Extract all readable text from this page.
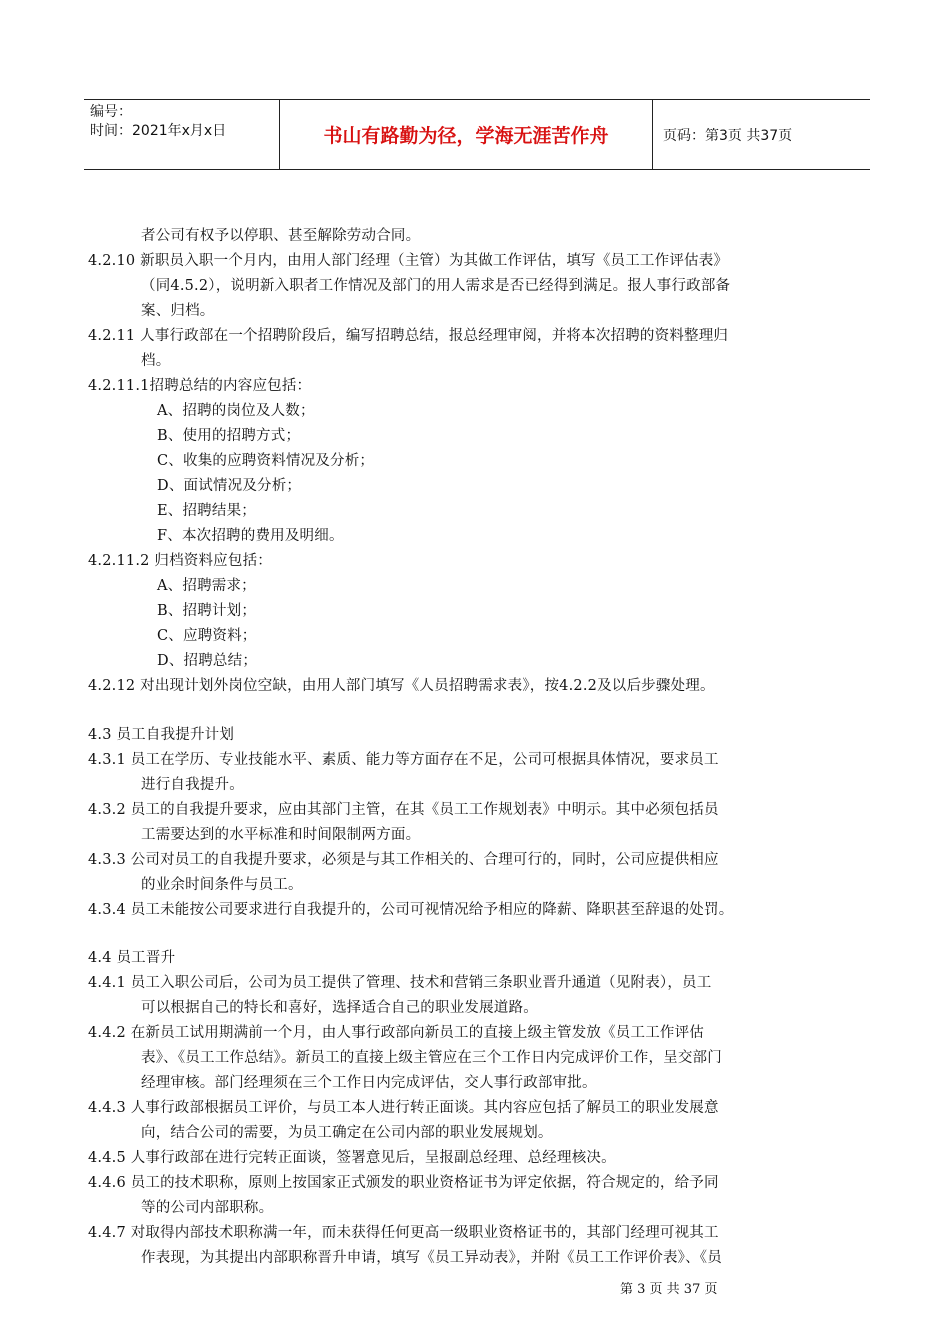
编号：
时间：2021年x月x日	书山有路勤为径，学海无涯苦作舟	页码：第3页 共37页
者公司有权予以停职、甚至解除劳动合同。
4.2.10 新职员入职一个月内，由用人部门经理（主管）为其做工作评估，填写《员工工作评估表》
（同4.5.2），说明新入职者工作情况及部门的用人需求是否已经得到满足。报人事行政部备
案、归档。
4.2.11 人事行政部在一个招聘阶段后，编写招聘总结，报总经理审阅，并将本次招聘的资料整理归
档。
4.2.11.1招聘总结的内容应包括：
A、招聘的岗位及人数；
B、使用的招聘方式；
C、收集的应聘资料情况及分析；
D、面试情况及分析；
E、招聘结果；
F、本次招聘的费用及明细。
4.2.11.2 归档资料应包括：
A、招聘需求；
B、招聘计划；
C、应聘资料；
D、招聘总结；
4.2.12 对出现计划外岗位空缺，由用人部门填写《人员招聘需求表》，按4.2.2及以后步骤处理。
4.3 员工自我提升计划
4.3.1 员工在学历、专业技能水平、素质、能力等方面存在不足，公司可根据具体情况，要求员工
进行自我提升。
4.3.2 员工的自我提升要求，应由其部门主管，在其《员工工作规划表》中明示。其中必须包括员
工需要达到的水平标准和时间限制两方面。
4.3.3 公司对员工的自我提升要求，必须是与其工作相关的、合理可行的，同时，公司应提供相应
的业余时间条件与员工。
4.3.4 员工未能按公司要求进行自我提升的，公司可视情况给予相应的降薪、降职甚至辞退的处罚。
4.4 员工晋升
4.4.1 员工入职公司后，公司为员工提供了管理、技术和营销三条职业晋升通道（见附表），员工
可以根据自己的特长和喜好，选择适合自己的职业发展道路。
4.4.2 在新员工试用期满前一个月，由人事行政部向新员工的直接上级主管发放《员工工作评估
表》、《员工工作总结》。新员工的直接上级主管应在三个工作日内完成评价工作，呈交部门
经理审核。部门经理须在三个工作日内完成评估，交人事行政部审批。
4.4.3 人事行政部根据员工评价，与员工本人进行转正面谈。其内容应包括了解员工的职业发展意
向，结合公司的需要，为员工确定在公司内部的职业发展规划。
4.4.5 人事行政部在进行完转正面谈，签署意见后，呈报副总经理、总经理核决。
4.4.6 员工的技术职称，原则上按国家正式颁发的职业资格证书为评定依据，符合规定的，给予同
等的公司内部职称。
4.4.7 对取得内部技术职称满一年，而未获得任何更高一级职业资格证书的，其部门经理可视其工
作表现，为其提出内部职称晋升申请，填写《员工异动表》，并附《员工工作评价表》、《员
第 3 页 共 37 页
